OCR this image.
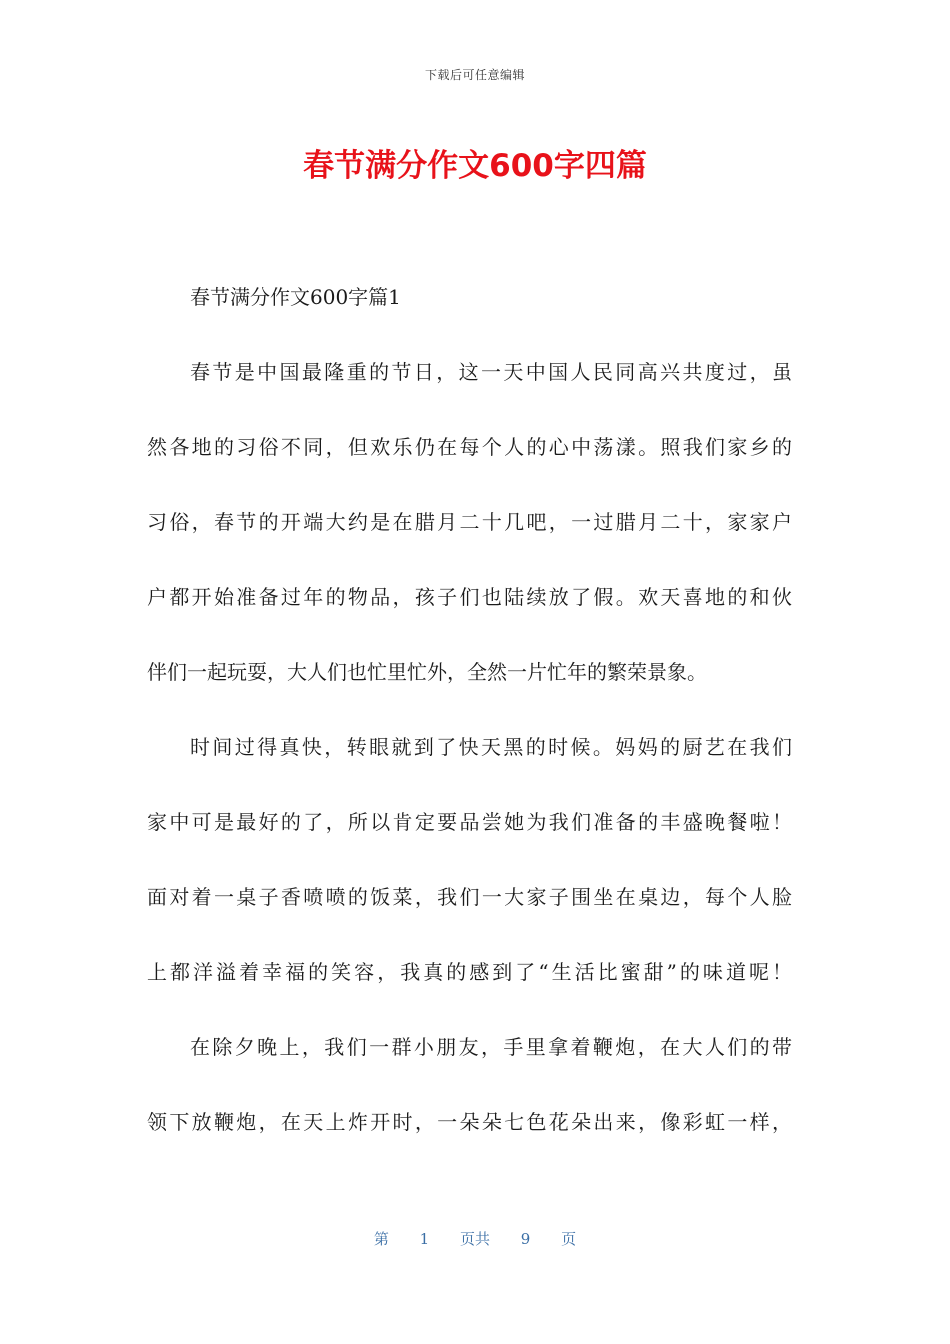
下载后可任意编辑
春节满分作文600字四篇
春节满分作文600字篇1
春节是中国最隆重的节日，这一天中国人民同高兴共度过，虽
然各地的习俗不同，但欢乐仍在每个人的心中荡漾。照我们家乡的
习俗，春节的开端大约是在腊月二十几吧，一过腊月二十，家家户
户都开始准备过年的物品，孩子们也陆续放了假。欢天喜地的和伙
伴们一起玩耍，大人们也忙里忙外，全然一片忙年的繁荣景象。
时间过得真快，转眼就到了快天黑的时候。妈妈的厨艺在我们
家中可是最好的了，所以肯定要品尝她为我们准备的丰盛晚餐啦！
面对着一桌子香喷喷的饭菜，我们一大家子围坐在桌边，每个人脸
上都洋溢着幸福的笑容，我真的感到了“生活比蜜甜”的味道呢！
在除夕晚上，我们一群小朋友，手里拿着鞭炮，在大人们的带
领下放鞭炮，在天上炸开时，一朵朵七色花朵出来，像彩虹一样，
第 1 页共 9 页
